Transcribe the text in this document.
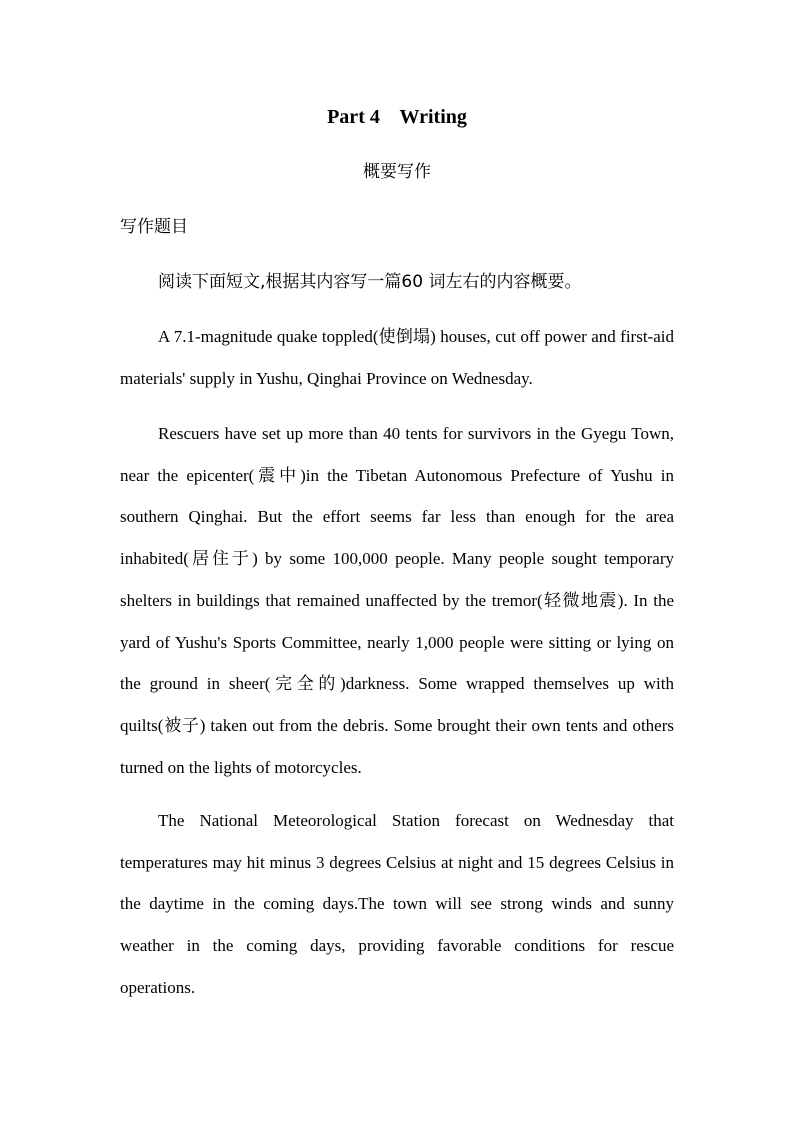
Part 4    Writing
概要写作
写作题目
阅读下面短文,根据其内容写一篇60 词左右的内容概要。

A 7.1-magnitude quake toppled(使倒塌) houses, cut off power and first-aid materials' supply in Yushu, Qinghai Province on Wednesday.

Rescuers have set up more than 40 tents for survivors in the Gyegu Town, near the epicenter(震中)in the Tibetan Autonomous Prefecture of Yushu in southern Qinghai. But the effort seems far less than enough for the area inhabited(居住于) by some 100,000 people. Many people sought temporary shelters in buildings that remained unaffected by the tremor(轻微地震). In the yard of Yushu's Sports Committee, nearly 1,000 people were sitting or lying on the ground in sheer(完全的)darkness. Some wrapped themselves up with quilts(被子) taken out from the debris. Some brought their own tents and others turned on the lights of motorcycles.

The National Meteorological Station forecast on Wednesday that temperatures may hit minus 3 degrees Celsius at night and 15 degrees Celsius in the daytime in the coming days.The town will see strong winds and sunny weather in the coming days, providing favorable conditions for rescue operations.
